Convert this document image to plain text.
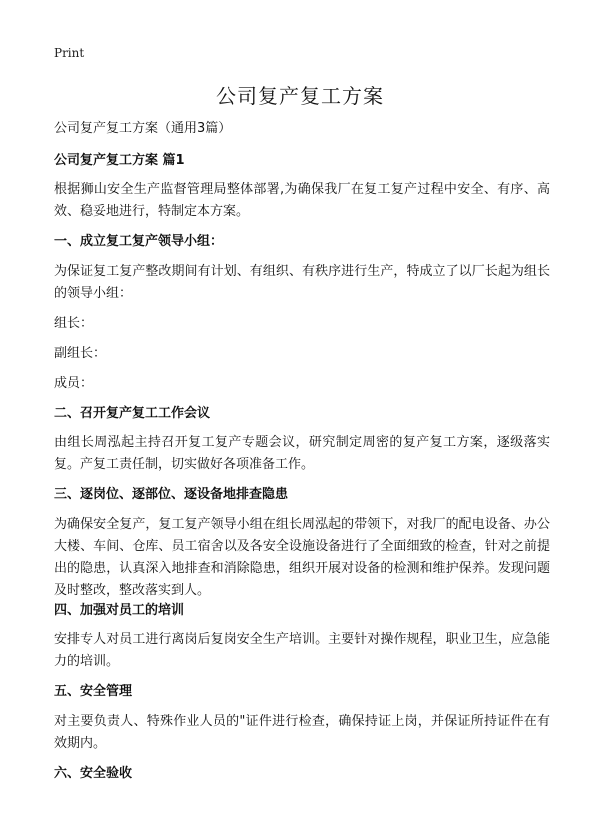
Print
公司复产复工方案
公司复产复工方案（通用3篇）
公司复产复工方案 篇1
根据狮山安全生产监督管理局整体部署,为确保我厂在复工复产过程中安全、有序、高效、稳妥地进行，特制定本方案。
一、成立复工复产领导小组：
为保证复工复产整改期间有计划、有组织、有秩序进行生产，特成立了以厂长起为组长的领导小组：
组长：
副组长：
成员：
二、召开复产复工工作会议
由组长周泓起主持召开复工复产专题会议，研究制定周密的复产复工方案，逐级落实复。产复工责任制，切实做好各项准备工作。
三、逐岗位、逐部位、逐设备地排查隐患
为确保安全复产，复工复产领导小组在组长周泓起的带领下，对我厂的配电设备、办公大楼、车间、仓库、员工宿舍以及各安全设施设备进行了全面细致的检查，针对之前提出的隐患，认真深入地排查和消除隐患，组织开展对设备的检测和维护保养。发现问题及时整改，整改落实到人。
四、加强对员工的培训
安排专人对员工进行离岗后复岗安全生产培训。主要针对操作规程，职业卫生，应急能力的培训。
五、安全管理
对主要负责人、特殊作业人员的"证件进行检查，确保持证上岗，并保证所持证件在有效期内。
六、安全验收
